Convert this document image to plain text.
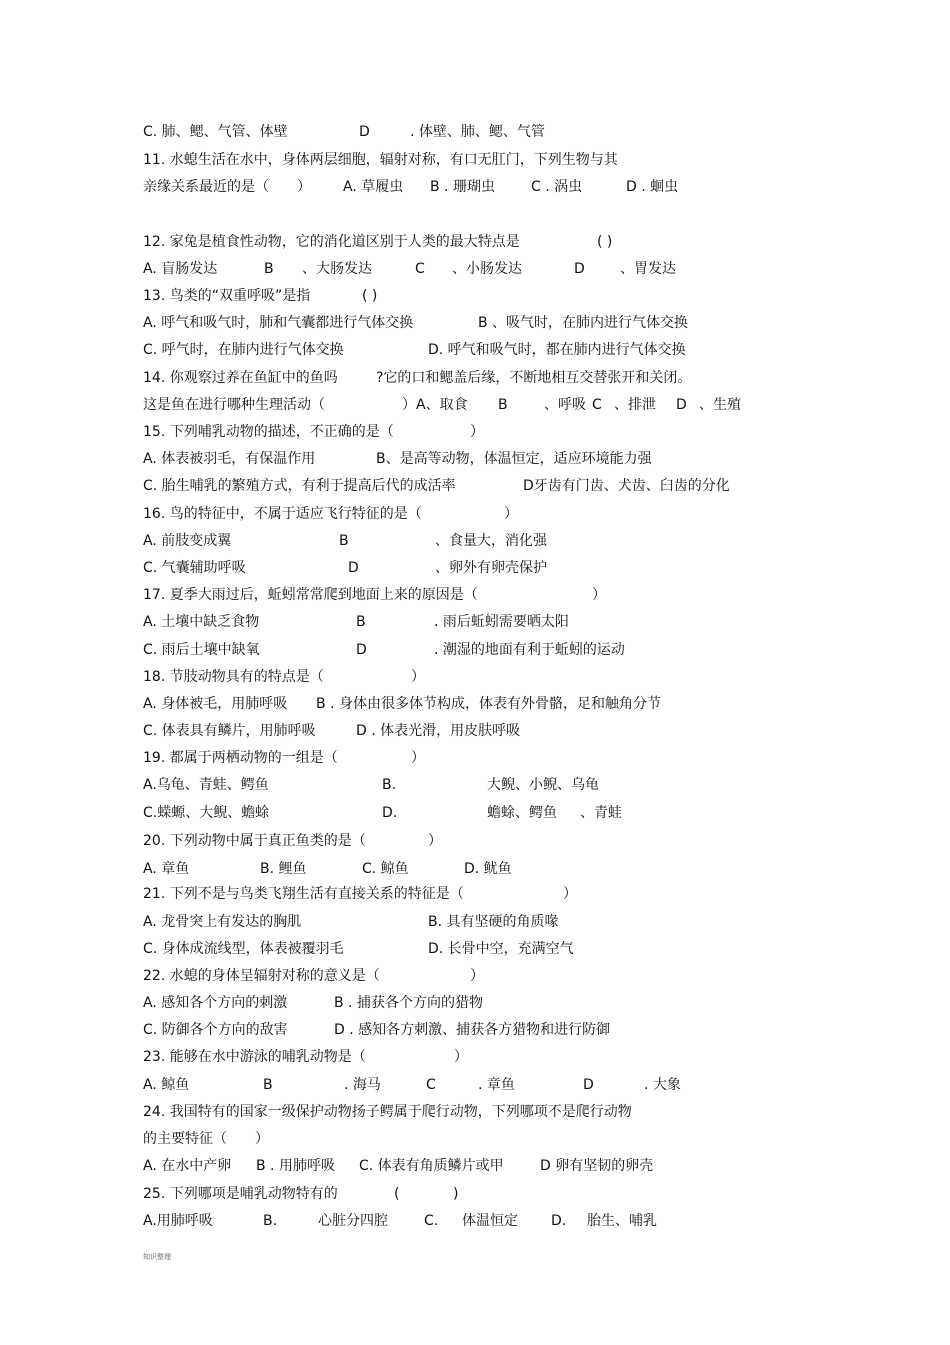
C. 肺、鳃、气管、体壁	D	. 体壁、肺、鳃、气管
11. 水螅生活在水中，身体两层细胞，辐射对称，有口无肛门，下列生物与其
亲缘关系最近的是（　　） A. 草履虫 B . 珊瑚虫	C . 涡虫	D . 蛔虫
12. 家兔是植食性动物，它的消化道区别于人类的最大特点是	( )
A. 盲肠发达	B 、大肠发达	C 、小肠发达	D	、胃发达
13. 鸟类的“双重呼吸”是指	( )
A. 呼气和吸气时，肺和气囊都进行气体交换	B 、吸气时，在肺内进行气体交换
C. 呼气时，在肺内进行气体交换	D. 呼气和吸气时，都在肺内进行气体交换
14. 你观察过养在鱼缸中的鱼吗	?它的口和鳃盖后缘，不断地相互交替张开和关闭。
这是鱼在进行哪种生理活动（	）A、取食 B	、呼吸 C 、排泄 D 、生殖
15. 下列哺乳动物的描述，不正确的是（	）
A. 体表被羽毛，有保温作用	B、是高等动物，体温恒定，适应环境能力强
C. 胎生哺乳的繁殖方式，有利于提高后代的成活率	D牙齿有门齿、犬齿、臼齿的分化
16. 鸟的特征中，不属于适应飞行特征的是（	）
A. 前肢变成翼	B	、食量大，消化强
C. 气囊辅助呼吸	D	、卵外有卵壳保护
17. 夏季大雨过后，蚯蚓常常爬到地面上来的原因是（	）
A. 土壤中缺乏食物	B	. 雨后蚯蚓需要晒太阳
C. 雨后土壤中缺氧	D	. 潮湿的地面有利于蚯蚓的运动
18. 节肢动物具有的特点是（	）
A. 身体被毛，用肺呼吸 B . 身体由很多体节构成，体表有外骨骼，足和触角分节
C. 体表具有鳞片，用肺呼吸	D . 体表光滑，用皮肤呼吸
19. 都属于两栖动物的一组是（	）
A.乌龟、青蛙、鳄鱼	B.	大鲵、小鲵、乌龟
C.蝾螈、大鲵、蟾蜍	D.	蟾蜍、鳄鱼 、青蛙
20. 下列动物中属于真正鱼类的是（	）
A. 章鱼	B. 鲤鱼	C. 鲸鱼	D. 鱿鱼
21. 下列不是与鸟类飞翔生活有直接关系的特征是（	）
A. 龙骨突上有发达的胸肌	B. 具有坚硬的角质喙
C. 身体成流线型，体表被覆羽毛	D. 长骨中空，充满空气
22. 水螅的身体呈辐射对称的意义是（	）
A. 感知各个方向的刺激	B . 捕获各个方向的猎物
C. 防御各个方向的敌害	D . 感知各方刺激、捕获各方猎物和进行防御
23. 能够在水中游泳的哺乳动物是（	）
A. 鲸鱼	B	. 海马	C	. 章鱼	D	. 大象
24. 我国特有的国家一级保护动物扬子鳄属于爬行动物，下列哪项不是爬行动物
的主要特征（　　）
A. 在水中产卵 B . 用肺呼吸 C. 体表有角质鳞片或甲	D 卵有坚韧的卵壳
25. 下列哪项是哺乳动物特有的	(	)
A.用肺呼吸	B.	心脏分四腔	C. 体温恒定 D. 胎生、哺乳
知识整理
